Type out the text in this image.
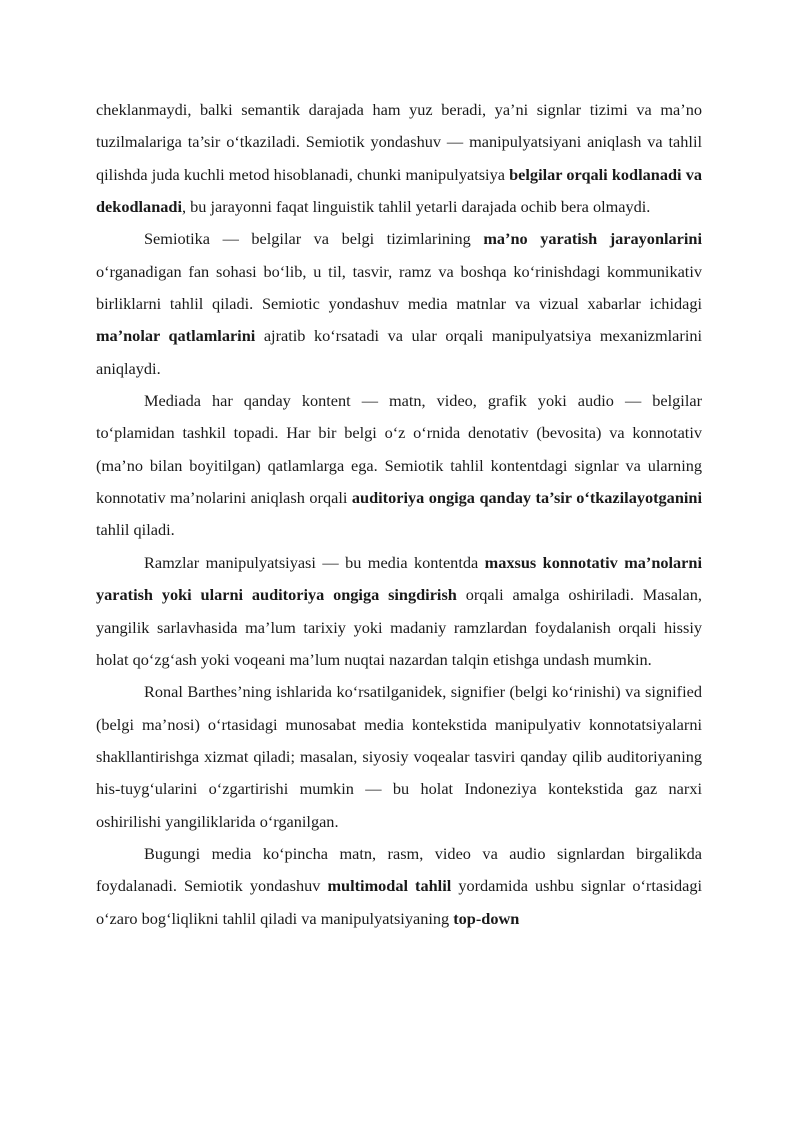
cheklanmaydi, balki semantik darajada ham yuz beradi, ya’ni signlar tizimi va ma’no tuzilmalariga ta’sir o‘tkaziladi. Semiotik yondashuv — manipulyatsiyani aniqlash va tahlil qilishda juda kuchli metod hisoblanadi, chunki manipulyatsiya belgilar orqali kodlanadi va dekodlanadi, bu jarayonni faqat linguistik tahlil yetarli darajada ochib bera olmaydi.

Semiotika — belgilar va belgi tizimlarining ma’no yaratish jarayonlarini o‘rganadigan fan sohasi bo‘lib, u til, tasvir, ramz va boshqa ko‘rinishdagi kommunikativ birliklarni tahlil qiladi. Semiotic yondashuv media matnlar va vizual xabarlar ichidagi ma’nolar qatlamlarini ajratib ko‘rsatadi va ular orqali manipulyatsiya mexanizmlarini aniqlaydi.

Mediada har qanday kontent — matn, video, grafik yoki audio — belgilar to‘plamidan tashkil topadi. Har bir belgi o‘z o‘rnida denotativ (bevosita) va konnotativ (ma’no bilan boyitilgan) qatlamlarga ega. Semiotik tahlil kontentdagi signlar va ularning konnotativ ma’nolarini aniqlash orqali auditoriya ongiga qanday ta’sir o‘tkazilayotganini tahlil qiladi.

Ramzlar manipulyatsiyasi — bu media kontentda maxsus konnotativ ma’nolarni yaratish yoki ularni auditoriya ongiga singdirish orqali amalga oshiriladi. Masalan, yangilik sarlavhasida ma’lum tarixiy yoki madaniy ramzlardan foydalanish orqali hissiy holat qo‘zg‘ash yoki voqeani ma’lum nuqtai nazardan talqin etishga undash mumkin.

Ronal Barthes’ning ishlarida ko‘rsatilganidek, signifier (belgi ko‘rinishi) va signified (belgi ma’nosi) o‘rtasidagi munosabat media kontekstida manipulyativ konnotatsiyalarni shakllantirishga xizmat qiladi; masalan, siyosiy voqealar tasviri qanday qilib auditoriyaning his-tuyg‘ularini o‘zgartirishi mumkin — bu holat Indoneziya kontekstida gaz narxi oshirilishi yangiliklarida o‘rganilgan.

Bugungi media ko‘pincha matn, rasm, video va audio signlardan birgalikda foydalanadi. Semiotik yondashuv multimodal tahlil yordamida ushbu signlar o‘rtasidagi o‘zaro bog‘liqlikni tahlil qiladi va manipulyatsiyaning top-down
